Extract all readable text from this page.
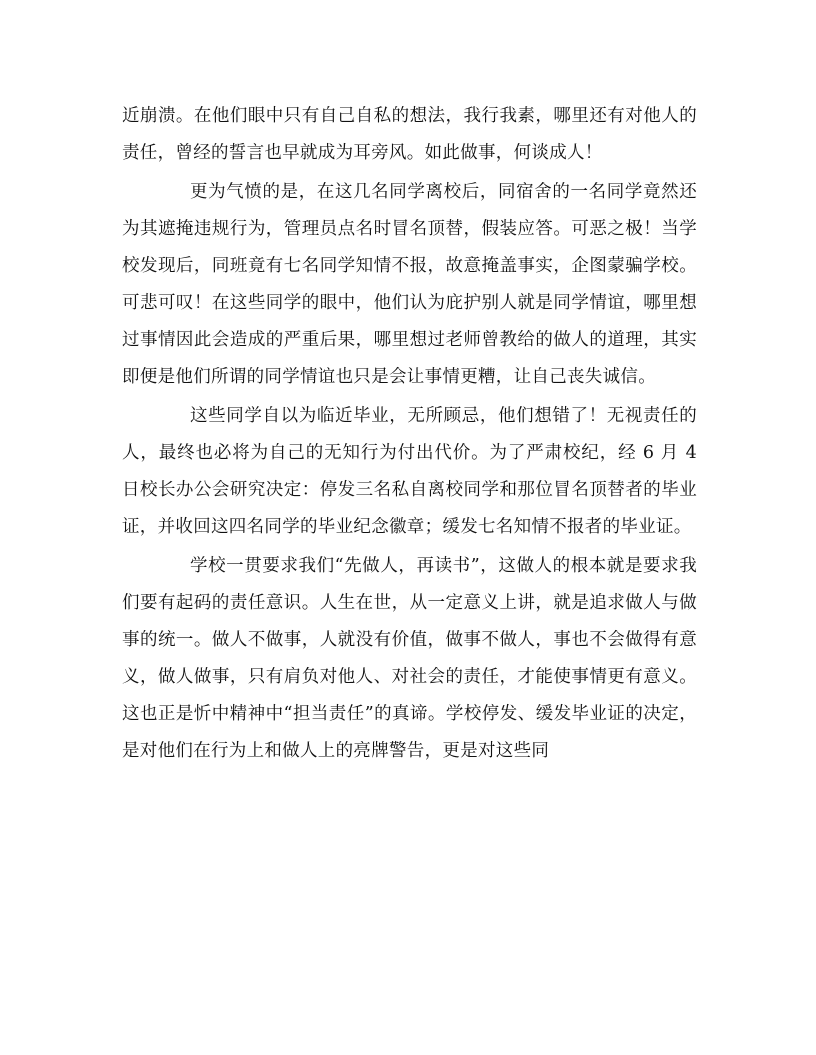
近崩溃。在他们眼中只有自己自私的想法，我行我素，哪里还有对他人的责任，曾经的誓言也早就成为耳旁风。如此做事，何谈成人！

更为气愤的是，在这几名同学离校后，同宿舍的一名同学竟然还为其遮掩违规行为，管理员点名时冒名顶替，假装应答。可恶之极！当学校发现后，同班竟有七名同学知情不报，故意掩盖事实，企图蒙骗学校。可悲可叹！在这些同学的眼中，他们认为庇护别人就是同学情谊，哪里想过事情因此会造成的严重后果，哪里想过老师曾教给的做人的道理，其实即便是他们所谓的同学情谊也只是会让事情更糟，让自己丧失诚信。

这些同学自以为临近毕业，无所顾忌，他们想错了！无视责任的人，最终也必将为自己的无知行为付出代价。为了严肃校纪，经 6 月 4 日校长办公会研究决定：停发三名私自离校同学和那位冒名顶替者的毕业证，并收回这四名同学的毕业纪念徽章；缓发七名知情不报者的毕业证。

学校一贯要求我们“先做人，再读书”，这做人的根本就是要求我们要有起码的责任意识。人生在世，从一定意义上讲，就是追求做人与做事的统一。做人不做事，人就没有价值，做事不做人，事也不会做得有意义，做人做事，只有肩负对他人、对社会的责任，才能使事情更有意义。这也正是忻中精神中“担当责任”的真谛。学校停发、缓发毕业证的决定，是对他们在行为上和做人上的亮牌警告，更是对这些同
